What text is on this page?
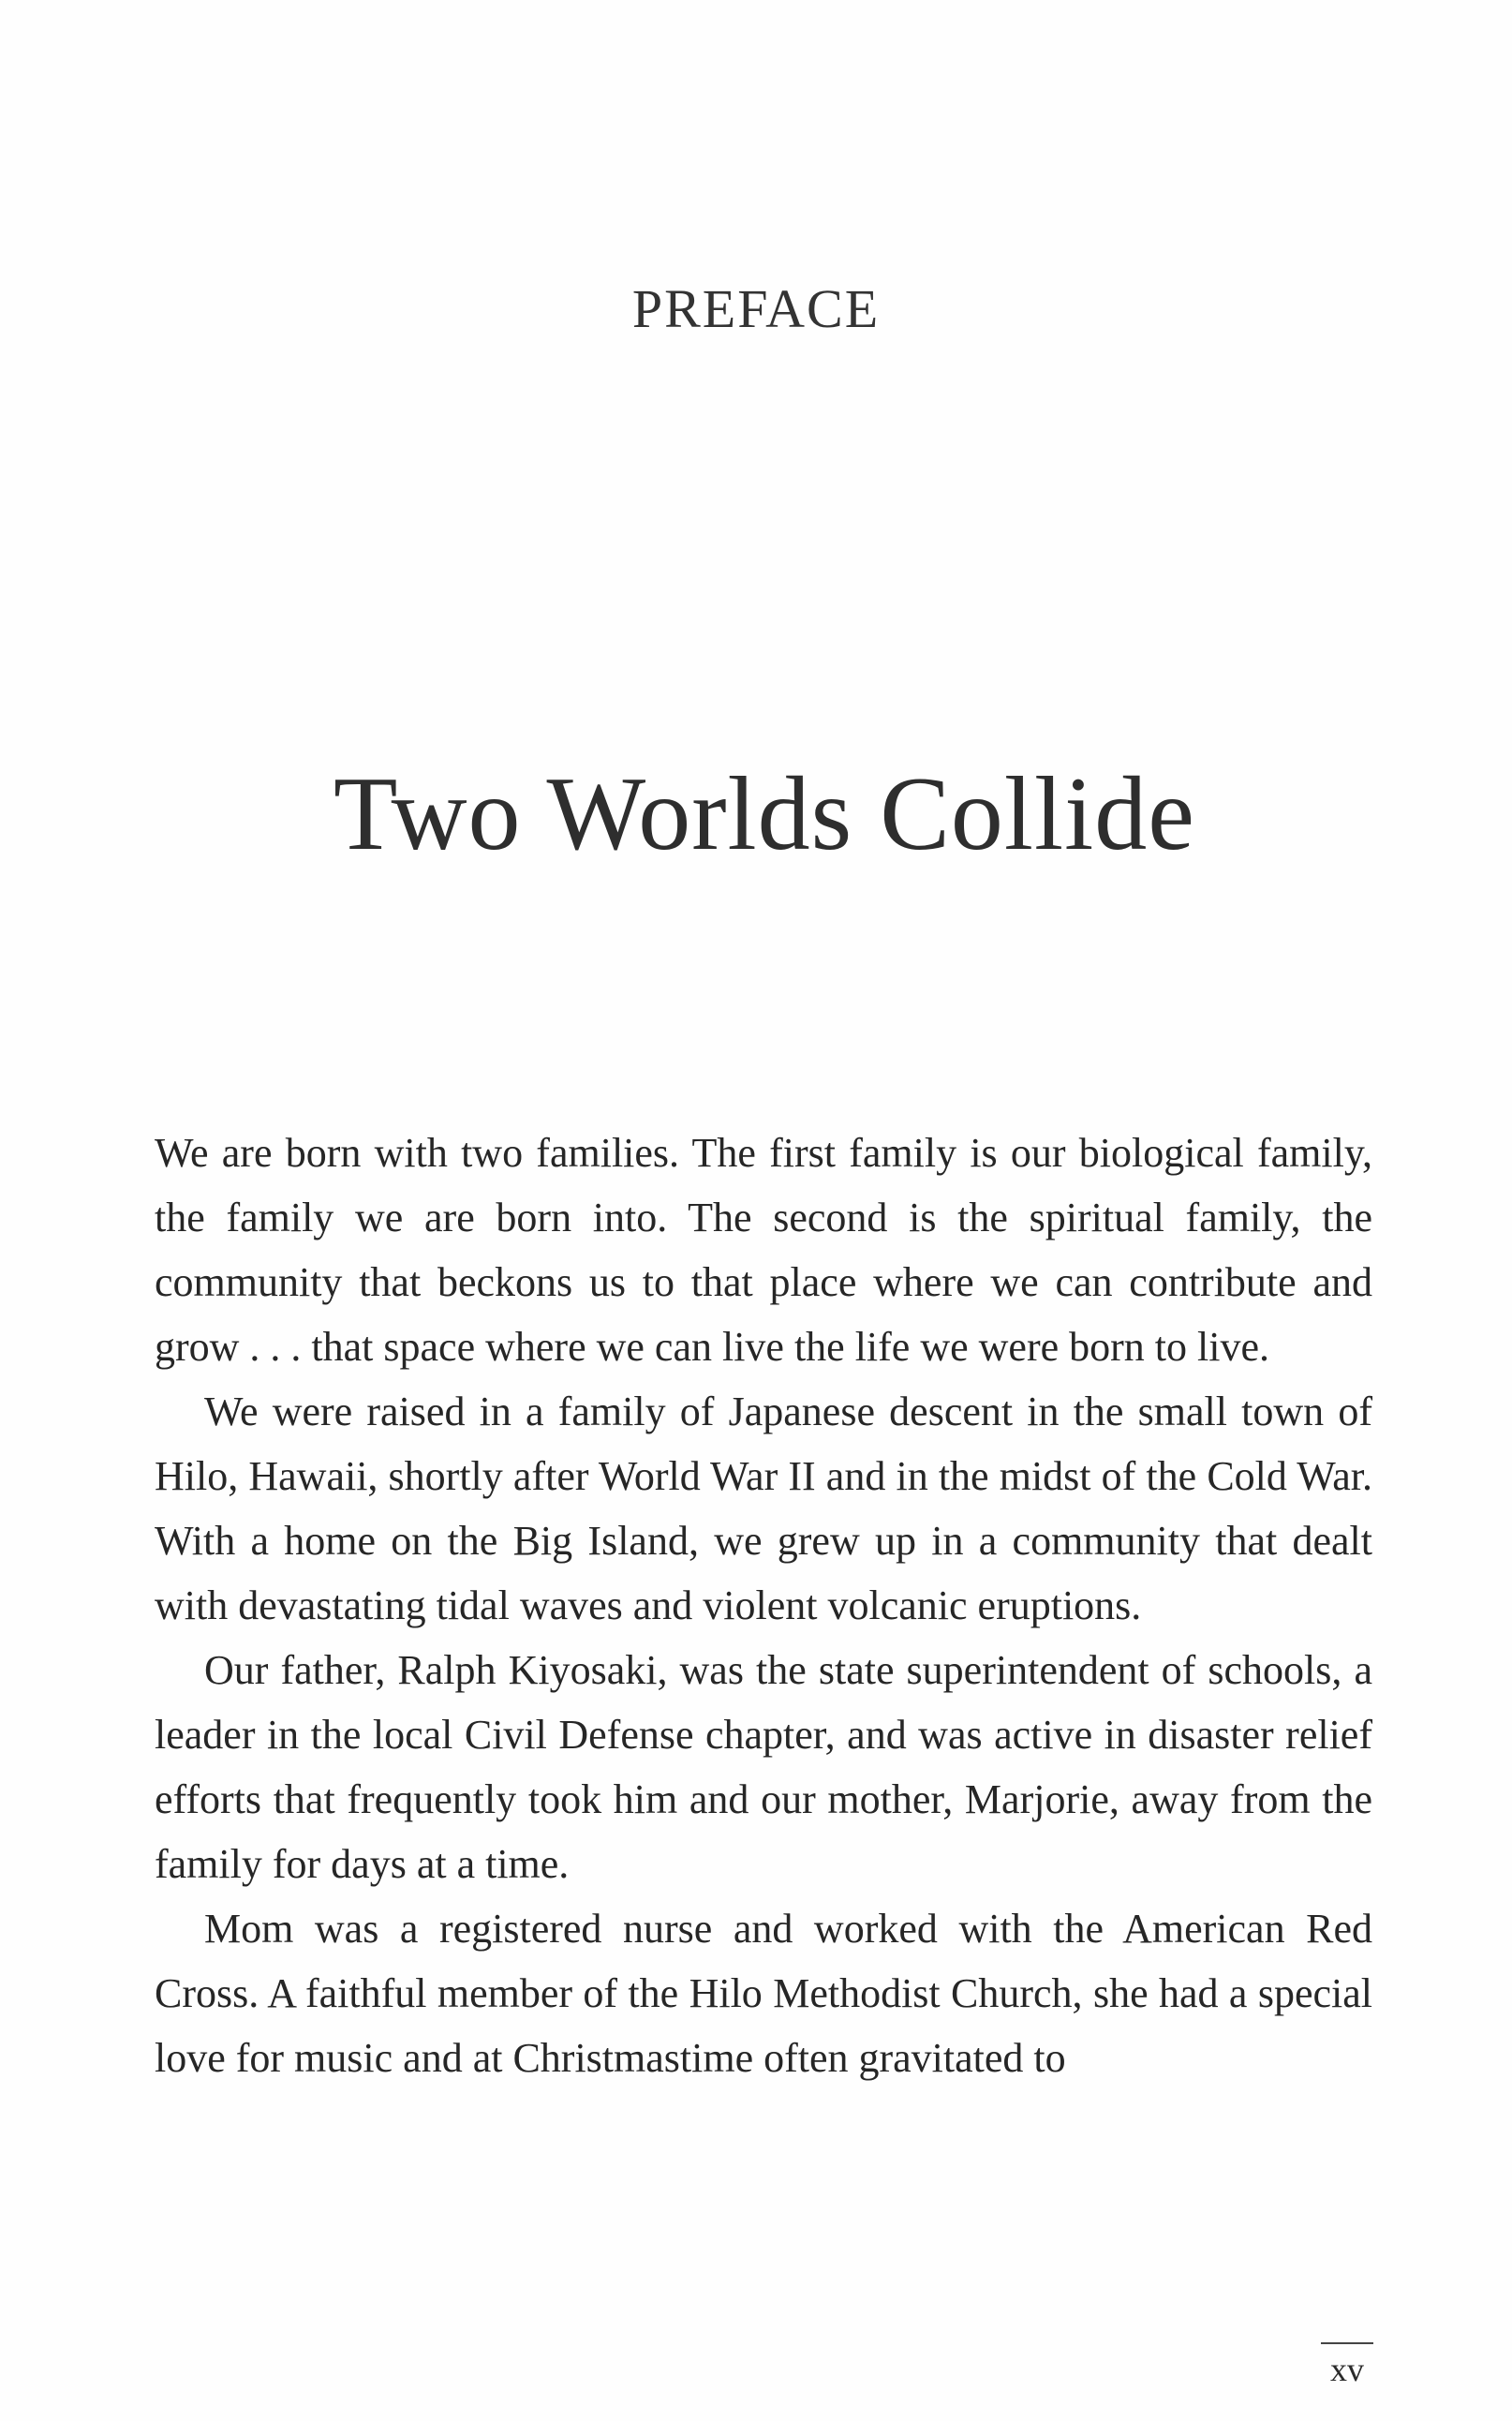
PREFACE
Two Worlds Collide

We are born with two families. The first family is our biological family, the family we are born into. The second is the spiritual family, the community that beckons us to that place where we can contribute and grow . . . that space where we can live the life we were born to live.

We were raised in a family of Japanese descent in the small town of Hilo, Hawaii, shortly after World War II and in the midst of the Cold War. With a home on the Big Island, we grew up in a community that dealt with devastating tidal waves and violent volcanic eruptions.

Our father, Ralph Kiyosaki, was the state superintendent of schools, a leader in the local Civil Defense chapter, and was active in disaster relief efforts that frequently took him and our mother, Marjorie, away from the family for days at a time.

Mom was a registered nurse and worked with the American Red Cross. A faithful member of the Hilo Methodist Church, she had a special love for music and at Christmastime often gravitated to

xv
